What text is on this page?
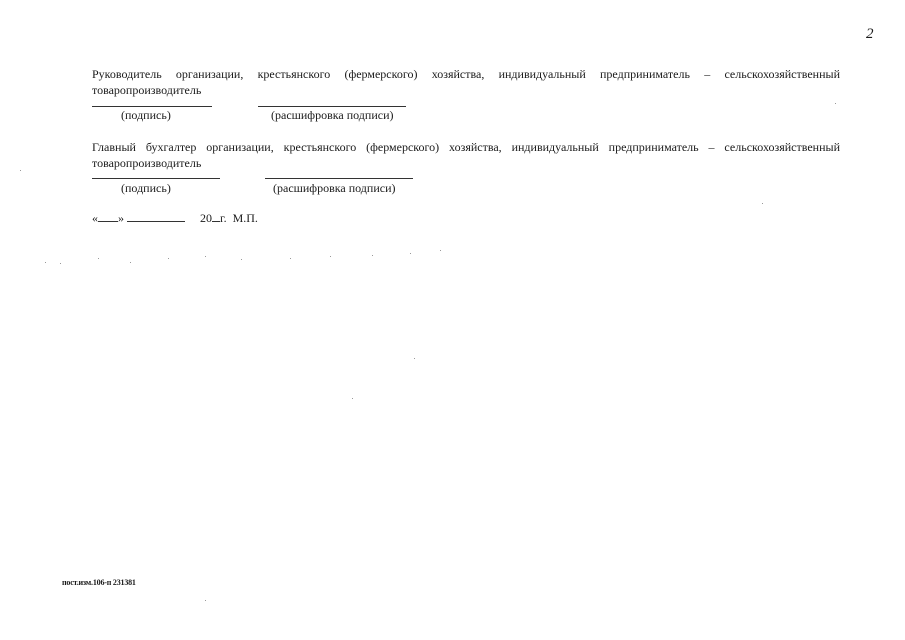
2
Руководитель организации, крестьянского (фермерского) хозяйства, индивидуальный предприниматель – сельскохозяйственный товаропроизводитель
(подпись)	(расшифровка подписи)
Главный бухгалтер организации, крестьянского (фермерского) хозяйства, индивидуальный предприниматель – сельскохозяйственный товаропроизводитель
(подпись)	(расшифровка подписи)
« »	20 г. М.П.
пост.изм.106-п 231381
